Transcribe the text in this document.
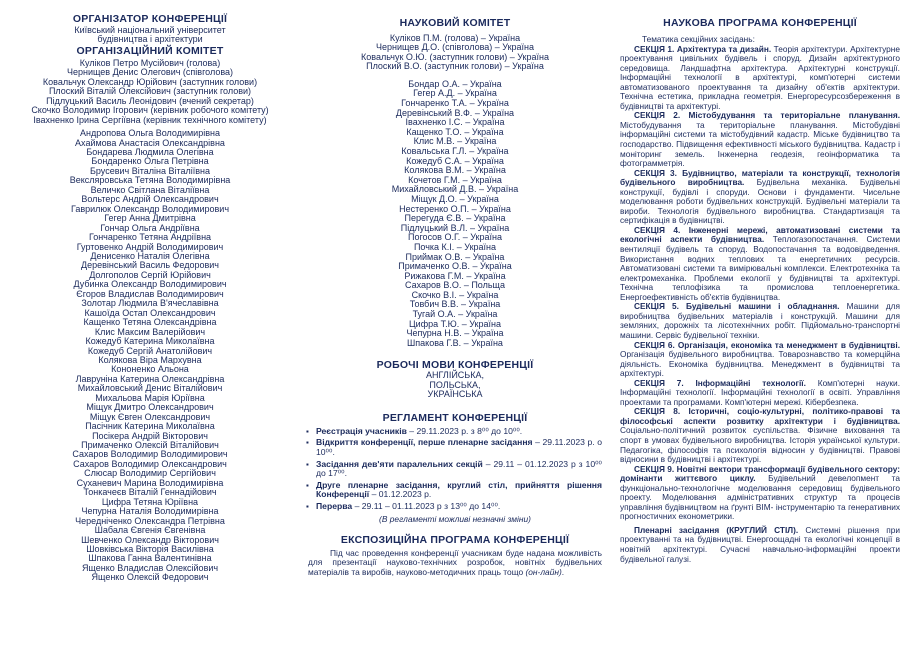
ОРГАНІЗАТОР КОНФЕРЕНЦІЇ
Київський національний університет
будівництва і архітектури
ОРГАНІЗАЦІЙНИЙ КОМІТЕТ
Куліков Петро Мусійович (голова)
Чернищев Денис Олегович (співголова)
Ковальчук Олександр Юрійович (заступник голови)
Плоский Віталій Олексійович (заступник голови)
Підлуцький Василь Леонідович (вчений секретар)
Скочко Володимир Ігорович (керівник робочого комітету)
Івахненко Ірина Сергіївна (керівник технічного комітету)
Андропова Ольга Володимирівна
Ахаймова Анастасія Олександрівна
Бондарева Людмила Олегівна
Бондаренко Ольга Петрівна
Брусевич Віталіна Віталіївна
Вексляровська Тетяна Володимирівна
Величко Світлана Віталіївна
Вольтерс Андрій Олександрович
Гаврилюк Олександр Володимирович
Гегер Анна Дмитрівна
Гончар Ольга Андріївна
Гончаренко Тетяна Андріївна
Гуртовенко Андрій Володимирович
Денисенко Наталія Олегівна
Деревінський Василь Федорович
Долгополов Сергій Юрійович
Дубинка Олександр Володимирович
Єгоров Владислав Володимирович
Золотар Людмила В'ячеславівна
Кашоїда Остап Олександрович
Кащенко Тетяна Олександрівна
Клис Максим Валерійович
Кожедуб Катерина Миколаївна
Кожедуб Сергій Анатолійович
Колякова Віра Мархувна
Кононенко Альона
Лавруніна Катерина Олександрівна
Михайловський Денис Віталійович
Михальова Марія Юріївна
Міщук Дмитро Олександрович
Міщук Євген Олександрович
Пасічник Катерина Миколаївна
Посікера Андрій Вікторович
Примаченко Олексій Віталійович
Сахаров Володимир Володимирович
Сахаров Володимир Олександрович
Слюсар Володимир Сергійович
Суханевич Марина Володимирівна
Тонкачеєв Віталій Геннадійович
Цифра Тетяна Юріївна
Чепурна Наталія Володимирівна
Чередніченко Олександра Петрівна
Шабала Євгенія Євгенівна
Шевченко Олександр Вікторович
Шовківська Вікторія Василівна
Шпакова Ганна Валентинівна
Ященко Владислав Олексійович
Ященко Олексій Федорович
НАУКОВИЙ КОМІТЕТ
Куліков П.М. (голова) – Україна
Чернищев Д.О. (співголова) – Україна
Ковальчук О.Ю. (заступник голови) – Україна
Плоский В.О. (заступник голови) – Україна
Бондар О.А. – Україна
Гегер А.Д. – Україна
Гончаренко Т.А. – Україна
Деревінський В.Ф. – Україна
Івахненко І.С. – Україна
Кащенко Т.О. – Україна
Клис М.В. – Україна
Ковальська Г.Л. – Україна
Кожедуб С.А. – Україна
Колякова В.М. – Україна
Кочетов Г.М. – Україна
Михайловський Д.В. – Україна
Міщук Д.О. – Україна
Нестеренко О.П. – Україна
Перегуда Є.В. – Україна
Підлуцький В.Л. – Україна
Погосов О.Г. – Україна
Почка К.І. – Україна
Приймак О.В. – Україна
Примаченко О.В. – Україна
Рижакова Г.М. – Україна
Сахаров В.О. – Польща
Скочко В.І. – Україна
Товбич В.В. – Україна
Тугай О.А. – Україна
Цифра Т.Ю. – Україна
Чепурна Н.В. – Україна
Шпакова Г.В. – Україна
РОБОЧІ МОВИ КОНФЕРЕНЦІЇ
АНГЛІЙСЬКА,
ПОЛЬСЬКА,
УКРАЇНСЬКА
РЕГЛАМЕНТ КОНФЕРЕНЦІЇ
▪ Реєстрація учасників – 29.11.2023 р. з 8⁰⁰ до 10⁰⁰.
▪ Відкриття конференції, перше пленарне засідання – 29.11.2023 р. о 10⁰⁰.
▪ Засідання дев'яти паралельних секцій – 29.11 – 01.12.2023 р з 10⁰⁰ до 17⁰⁰.
▪ Друге пленарне засідання, круглий стіл, прийняття рішення Конференції – 01.12.2023 р.
▪ Перерва – 29.11 – 01.11.2023 р з 13⁰⁰ до 14⁰⁰.
(В регламенті можливі незначні зміни)
ЕКСПОЗИЦІЙНА ПРОГРАМА КОНФЕРЕНЦІЇ
Під час проведення конференції учасникам буде надана можливість для презентації науково-технічних розробок, новітніх будівельних матеріалів та виробів, науково-методичних праць тощо (он-лайн).
НАУКОВА ПРОГРАМА КОНФЕРЕНЦІЇ

Тематика секційних засідань:

СЕКЦІЯ 1. Архітектура та дизайн. Теорія архітектури. Архітектурне проектування цивільних будівель і споруд. Дизайн архітектурного середовища. Ландшафтна архітектура. Архітектурні конструкції. Інформаційні технології в архітектурі, комп'ютерні системи автоматизованого проектування та дизайну об'єктів архітектури. Технічна естетика, прикладна геометрія. Енергоресурсозбереження в будівництві та архітектурі.

СЕКЦІЯ 2. Містобудування та територіальне планування. Містобудування та територіальне планування. Містобудівні інформаційні системи та містобудівний кадастр. Міське будівництво та господарство. Підвищення ефективності міського будівництва. Кадастр і моніторинг земель. Інженерна геодезія, геоінформатика та фотограмметрія.

СЕКЦІЯ 3. Будівництво, матеріали та конструкції, технологія будівельного виробництва. Будівельна механіка. Будівельні конструкції, будівлі і споруди. Основи і фундаменти. Чисельне моделювання роботи будівельних конструкцій. Будівельні матеріали та вироби. Технологія будівельного виробництва. Стандартизація та сертифікація в будівництві.

СЕКЦІЯ 4. Інженерні мережі, автоматизовані системи та екологічні аспекти будівництва. Теплогазопостачання. Системи вентиляції будівель та споруд. Водопостачання та водовідведення. Використання водних теплових та енергетичних ресурсів. Автоматизовані системи та вимірювальні комплекси. Електротехніка та електромеханіка. Проблеми екології у будівництві та архітектурі. Технічна теплофізика та промислова теплоенергетика. Енергоефективність об'єктів будівництва.

СЕКЦІЯ 5. Будівельні машини і обладнання. Машини для виробництва будівельних матеріалів і конструкцій. Машини для земляних, дорожніх та лісотехнічних робіт. Підйомально-транспортні машини. Сервіс будівельної техніки.

СЕКЦІЯ 6. Організація, економіка та менеджмент в будівництві. Організація будівельного виробництва. Товарознавство та комерційна діяльність. Економіка будівництва. Менеджмент в будівництві та архітектурі.

СЕКЦІЯ 7. Інформаційні технології. Комп'ютерні науки. Інформаційні технології. Інформаційні технології в освіті. Управління проектами та програмами. Комп'ютерні мережі. Кібербезпека.

СЕКЦІЯ 8. Історичні, соціо-культурні, політико-правові та філософські аспекти розвитку архітектури і будівництва. Соціально-політичний розвиток суспільства. Фізичне виховання та спорт в умовах будівельного виробництва. Історія української культури. Педагогіка, філософія та психологія відносин у будівництві. Правові відносини в будівництві і архітектурі.

СЕКЦІЯ 9. Новітні вектори трансформації будівельного сектору: домінанти життєвого циклу. Будівельний девелопмент та функціонально-технологічне моделювання середовищ будівельного проекту. Моделювання адміністративних структур та процесів управління будівництвом на ґрунті BIM- інструментарію та генеративних прогностичних економетрики.

Пленарні засідання (КРУГЛИЙ СТІЛ). Системні рішення при проектуванні та на будівництві. Енергоощадні та екологічні концепції в новітній архітектурі. Сучасні навчально-інформаційні проекти будівельної галузі.
